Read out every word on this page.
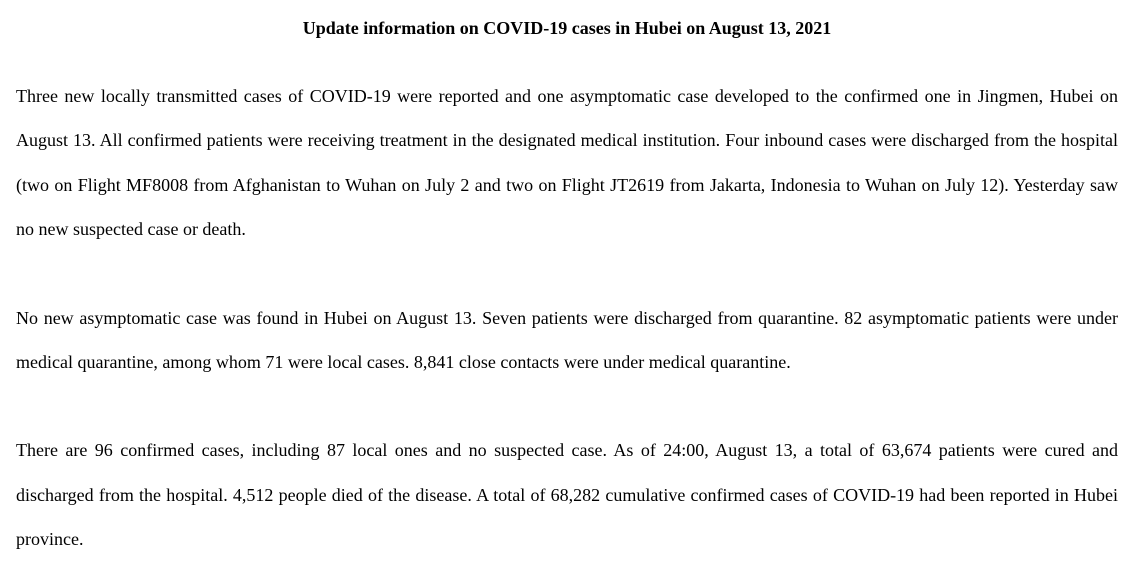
Update information on COVID-19 cases in Hubei on August 13, 2021

Three new locally transmitted cases of COVID-19 were reported and one asymptomatic case developed to the confirmed one in Jingmen, Hubei on August 13. All confirmed patients were receiving treatment in the designated medical institution. Four inbound cases were discharged from the hospital (two on Flight MF8008 from Afghanistan to Wuhan on July 2 and two on Flight JT2619 from Jakarta, Indonesia to Wuhan on July 12). Yesterday saw no new suspected case or death.

No new asymptomatic case was found in Hubei on August 13. Seven patients were discharged from quarantine. 82 asymptomatic patients were under medical quarantine, among whom 71 were local cases. 8,841 close contacts were under medical quarantine.

There are 96 confirmed cases, including 87 local ones and no suspected case. As of 24:00, August 13, a total of 63,674 patients were cured and discharged from the hospital. 4,512 people died of the disease. A total of 68,282 cumulative confirmed cases of COVID-19 had been reported in Hubei province.
